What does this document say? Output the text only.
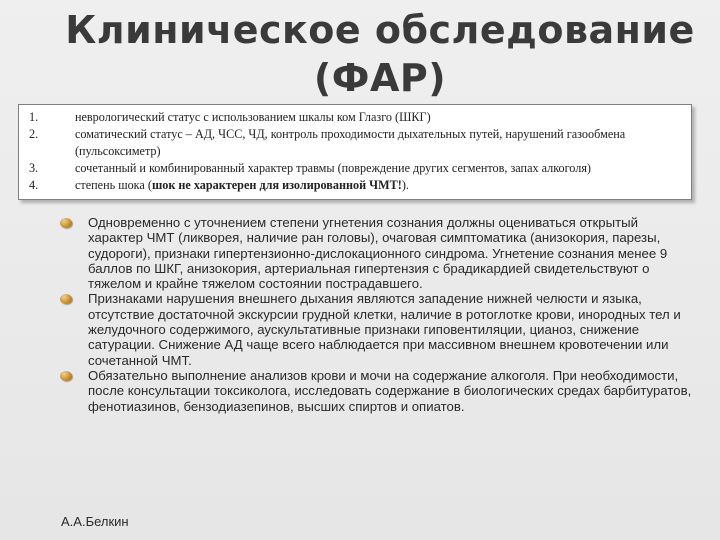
Клиническое обследование
(ФАР)
1.	неврологический статус с использованием шкалы ком Глазго (ШКГ)
2.	соматический статус – АД, ЧСС, ЧД, контроль проходимости дыхательных путей, нарушений газообмена (пульсоксиметр)
3.	сочетанный и комбинированный характер травмы (повреждение других сегментов, запах алкоголя)
4.	степень шока (шок не характерен для изолированной ЧМТ!).

Одновременно с уточнением степени угнетения сознания должны оцениваться открытый характер ЧМТ (ликворея, наличие ран головы), очаговая симптоматика (анизокория, парезы, судороги), признаки гипертензионно-дислокационного синдрома. Угнетение сознания менее 9 баллов по ШКГ, анизокория, артериальная гипертензия с брадикардией свидетельствуют о тяжелом и крайне тяжелом состоянии пострадавшего.

Признаками нарушения внешнего дыхания являются западение нижней челюсти и языка, отсутствие достаточной экскурсии грудной клетки, наличие в ротоглотке крови, инородных тел и желудочного содержимого, аускультативные признаки гиповентиляции, цианоз, снижение сатурации. Снижение АД чаще всего наблюдается при массивном внешнем кровотечении или сочетанной ЧМТ.

Обязательно выполнение анализов крови и мочи на содержание алкоголя. При необходимости, после консультации токсиколога, исследовать содержание в биологических средах барбитуратов, фенотиазинов, бензодиазепинов, высших спиртов и опиатов.

А.А.Белкин
